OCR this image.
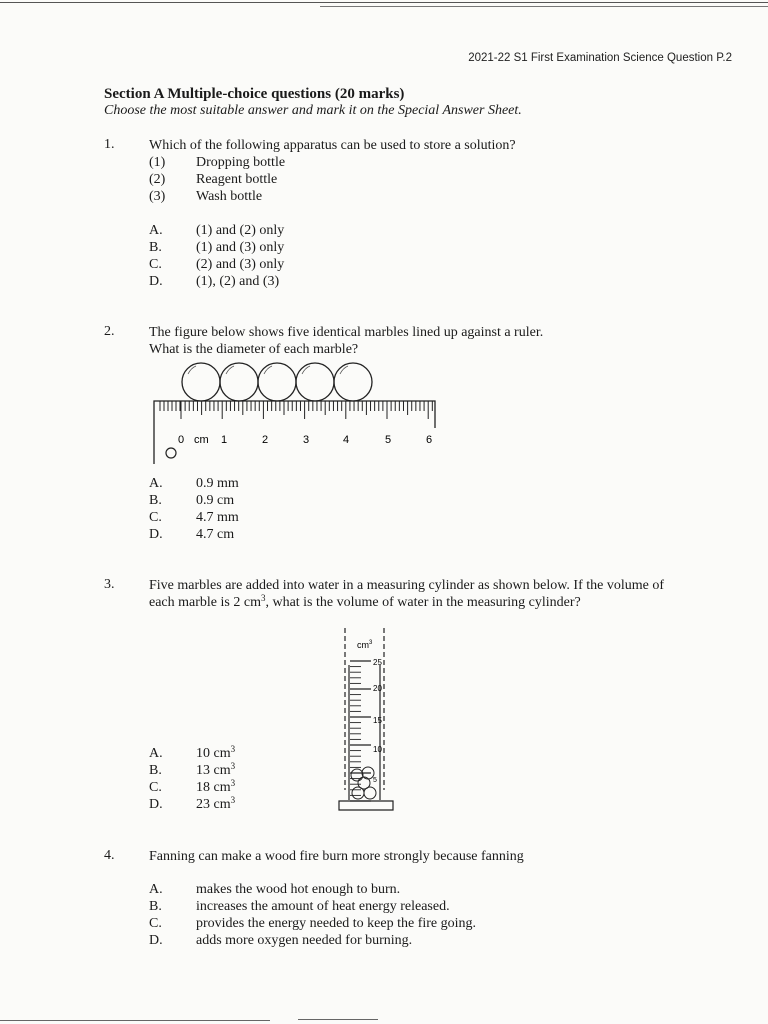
2021-22 S1 First Examination Science Question P.2
Section A Multiple-choice questions (20 marks)
Choose the most suitable answer and mark it on the Special Answer Sheet.
1. Which of the following apparatus can be used to store a solution?
(1)	Dropping bottle
(2)	Reagent bottle
(3)	Wash bottle
A.	(1) and (2) only
B.	(1) and (3) only
C.	(2) and (3) only
D.	(1), (2) and (3)
2. The figure below shows five identical marbles lined up against a ruler.
What is the diameter of each marble?
0 cm 1	2	3	4	5	6
A.	0.9 mm
B.	0.9 cm
C.	4.7 mm
D.	4.7 cm
3. Five marbles are added into water in a measuring cylinder as shown below. If the volume of
each marble is 2 $cm^3$, what is the volume of water in the measuring cylinder?
$cm^3$
25
20
15
10
5
A.	10 $cm^3$
B.	13 $cm^3$
C.	18 $cm^3$
D.	23 $cm^3$
4. Fanning can make a wood fire burn more strongly because fanning
A.	makes the wood hot enough to burn.
B.	increases the amount of heat energy released.
C.	provides the energy needed to keep the fire going.
D.	adds more oxygen needed for burning.
